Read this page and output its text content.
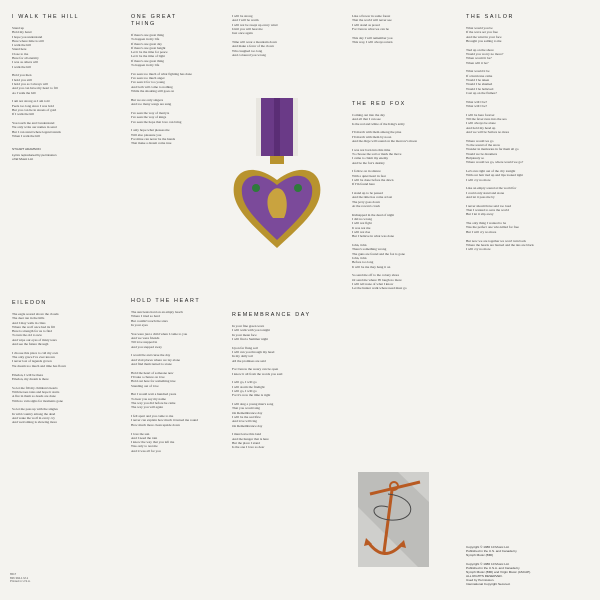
I WALK THE HILL
Stand up
Hold my hand
I hope you understand
Here where time is still
I walk the hill
Stand here
Close to me
Here for all eternity
I was as others will
I walk the hill
Hold you then
I hold you still
I hold you as I always will
And you can have my heart to fill
As I walk the hill
I am not strong as I am told
Feels too long since I was bold
But you can lie in streets of gold
If I walk the hill
You touch me and I understand
We only write our names in sand
But I can stand where legend stands
When I walk the hill
STUART ADAMSON
Lyrics reproduced by permission
of EI Music Ltd.
EILEDON
The eagle soared above the clouds
The deer ran in the hills
And I may walk in cities
Where the wolf once had its fill
Here is strength for us to find
To turn the old to new
And wipe our eyes of misty tears
And see the future through
I choose this place to call my own
The only grace I've ever known
I never lost of legends grown
We dream too much and time has flown
Eiledon, I will be there
Eiledon, my dream is there
So let me fill my children's hearts
With heroes tales and hope it starts
A fire in them so deeds are done
With no vain sighs for moments gone
So let me pass up with the singles
In wild country among the dead
And wake the wolf in every cry
And welcoming is showing more
ONE GREAT THING
If there's one great thing
To happen in my life
If there's one great day
If there's one great height
Let it be the time for peace
Let it be the time of light
If there's one great thing
To happen in my life
I've seen too much of what fighting has done
I've seen too much anger
I've seen it for too young
And both will come to nothing
While the shouting still goes on
But we are only singers
And too many songs are sung
I've seen the way of martyrs
I've seen the way of kings
I've seen the hope that love can bring
I only hope what pleases me
Will also pleasure you
For mine can never be the hands
That make a dream come true
HOLD THE HEART
The sun beats hard on an empty beach
Where I tried so hard
But couldn't reach the stars
In your eyes
You were just a child when I came to you
And we were friends
Till love stepped in
And you stepped away
I would lie and curse the day
And visit places where we lay alone
And find them turned to stone
Hold the heart of someone new
I'll take a chance on love
Hold out here for something true
Standing out of love
But I would wait a hundred years
To hear you say my name
The way you did before he came
The way you will again
I fell apart and you came to me
I never can explain how much it turned me round
How much more clean upside down
I love the sun
And I need the rain
I know the way that you left me
Was only to test me
And it was all for you
I will be strong
And I will be warm
I will not be swept up every wind
Until you will hear me
Just once again
Time will wear a mountain down
And make a fever of the clown
Who laughed too long
And coloured you wrong
REMEMBRANCE DAY
In your fine green worn
I will walk with you tonight
In your mean face
I will find a Summer night
Upon far flung soil
I will run you through my head
In my daily toil
All the promises are said
For I know the weary can be open
I know it all from the words you said
I will go, I will go
I will storm the firelight
I will go, I will go
For it's now the time is right
I will sing a young man's song
That you would sing
On Remembrance day
I will be the sacrifice
And love will ring
On Remembrance day
I must leave this land
And the hunger that is here
But the place I stand
Is the one I love so dear
Like a flower in some forest
That the world will never see
I will stand as proud
For I know what we can be
This day I will remember you
This way, I will always return
THE RED FOX
Coming out into the day
And all that I can see
Is the red and white of the King's army
I'll march with them among the pine
I'll march with them by noon
And the dirge will sound on the morrow's moon
I was not born into this time
To choose the soil or mark the move
I came to claim my enemy
And be the fox's destiny
I follow on in silence
With a quiet heart in fear
I will be done before the dawn
If I'm found here
I stand up to be passed
And the time has come at last
The jerry goes down
At the rowan's crash
Kidnapped in the dead of night
I did no wrong
I will not fight
It was not me
I will not rise
But I believe in what was done
John, John
There's something wrong
The guns are found and the fox is gone
John, John
Before too long
It will be me they hang it on
So send me off to the colony shore
Or send me where I'll laugh no more
I will tell none of what I know
Let the hunter walk where need must go
THE SAILOR
What would you be
If the wave set you free
And the wind in your face
Brought you sailing to me
Tied up on the shore
Would you worry no more?
When would it be?
When will it be?
What would it be
If a hurricane came
Would I be taken
Would I be shamed
Would I be believed
Cast up on the flames?
What will I be?
What will I be?
I will be here forever
Till the fever runs into the sea
I will always be alone
And hold my head up
And we will be Sailors no more
Where would we go
To the sound of the snow
Wonder in memories in far them all go
Would we be dreamers
Helplessly so
Where would we go, where would we go?
Let's run right out of the city tonight
With our hair tied up and lips looked tight
I will cry no more
Like an empty sound at the world for
I could only stand and stone
And let it pass me by
I never should have said too loud
That I wanted to save the world
But I let it slip away
The only thing I wanted to be
Was the perfect one who killed for free
But I will cry no more
But now we are together we won't turn back
Where the hearts are burned and the ties are black
I will cry no more
Copyright © 1986 10 Music Ltd.
Published in the U.S. and Canada by
Nymph Music (BMI)
Copyright © 1986 10 Music Ltd.
Published in the U.S.A. and Canada by
Nymph Music (BMI) and Virgin Music (ASCAP).
ALL RIGHTS RESERVED.
Used by Permission.
International Copyright Secured.
6517
836 394-1 M-1
Printed in U.S.A.
